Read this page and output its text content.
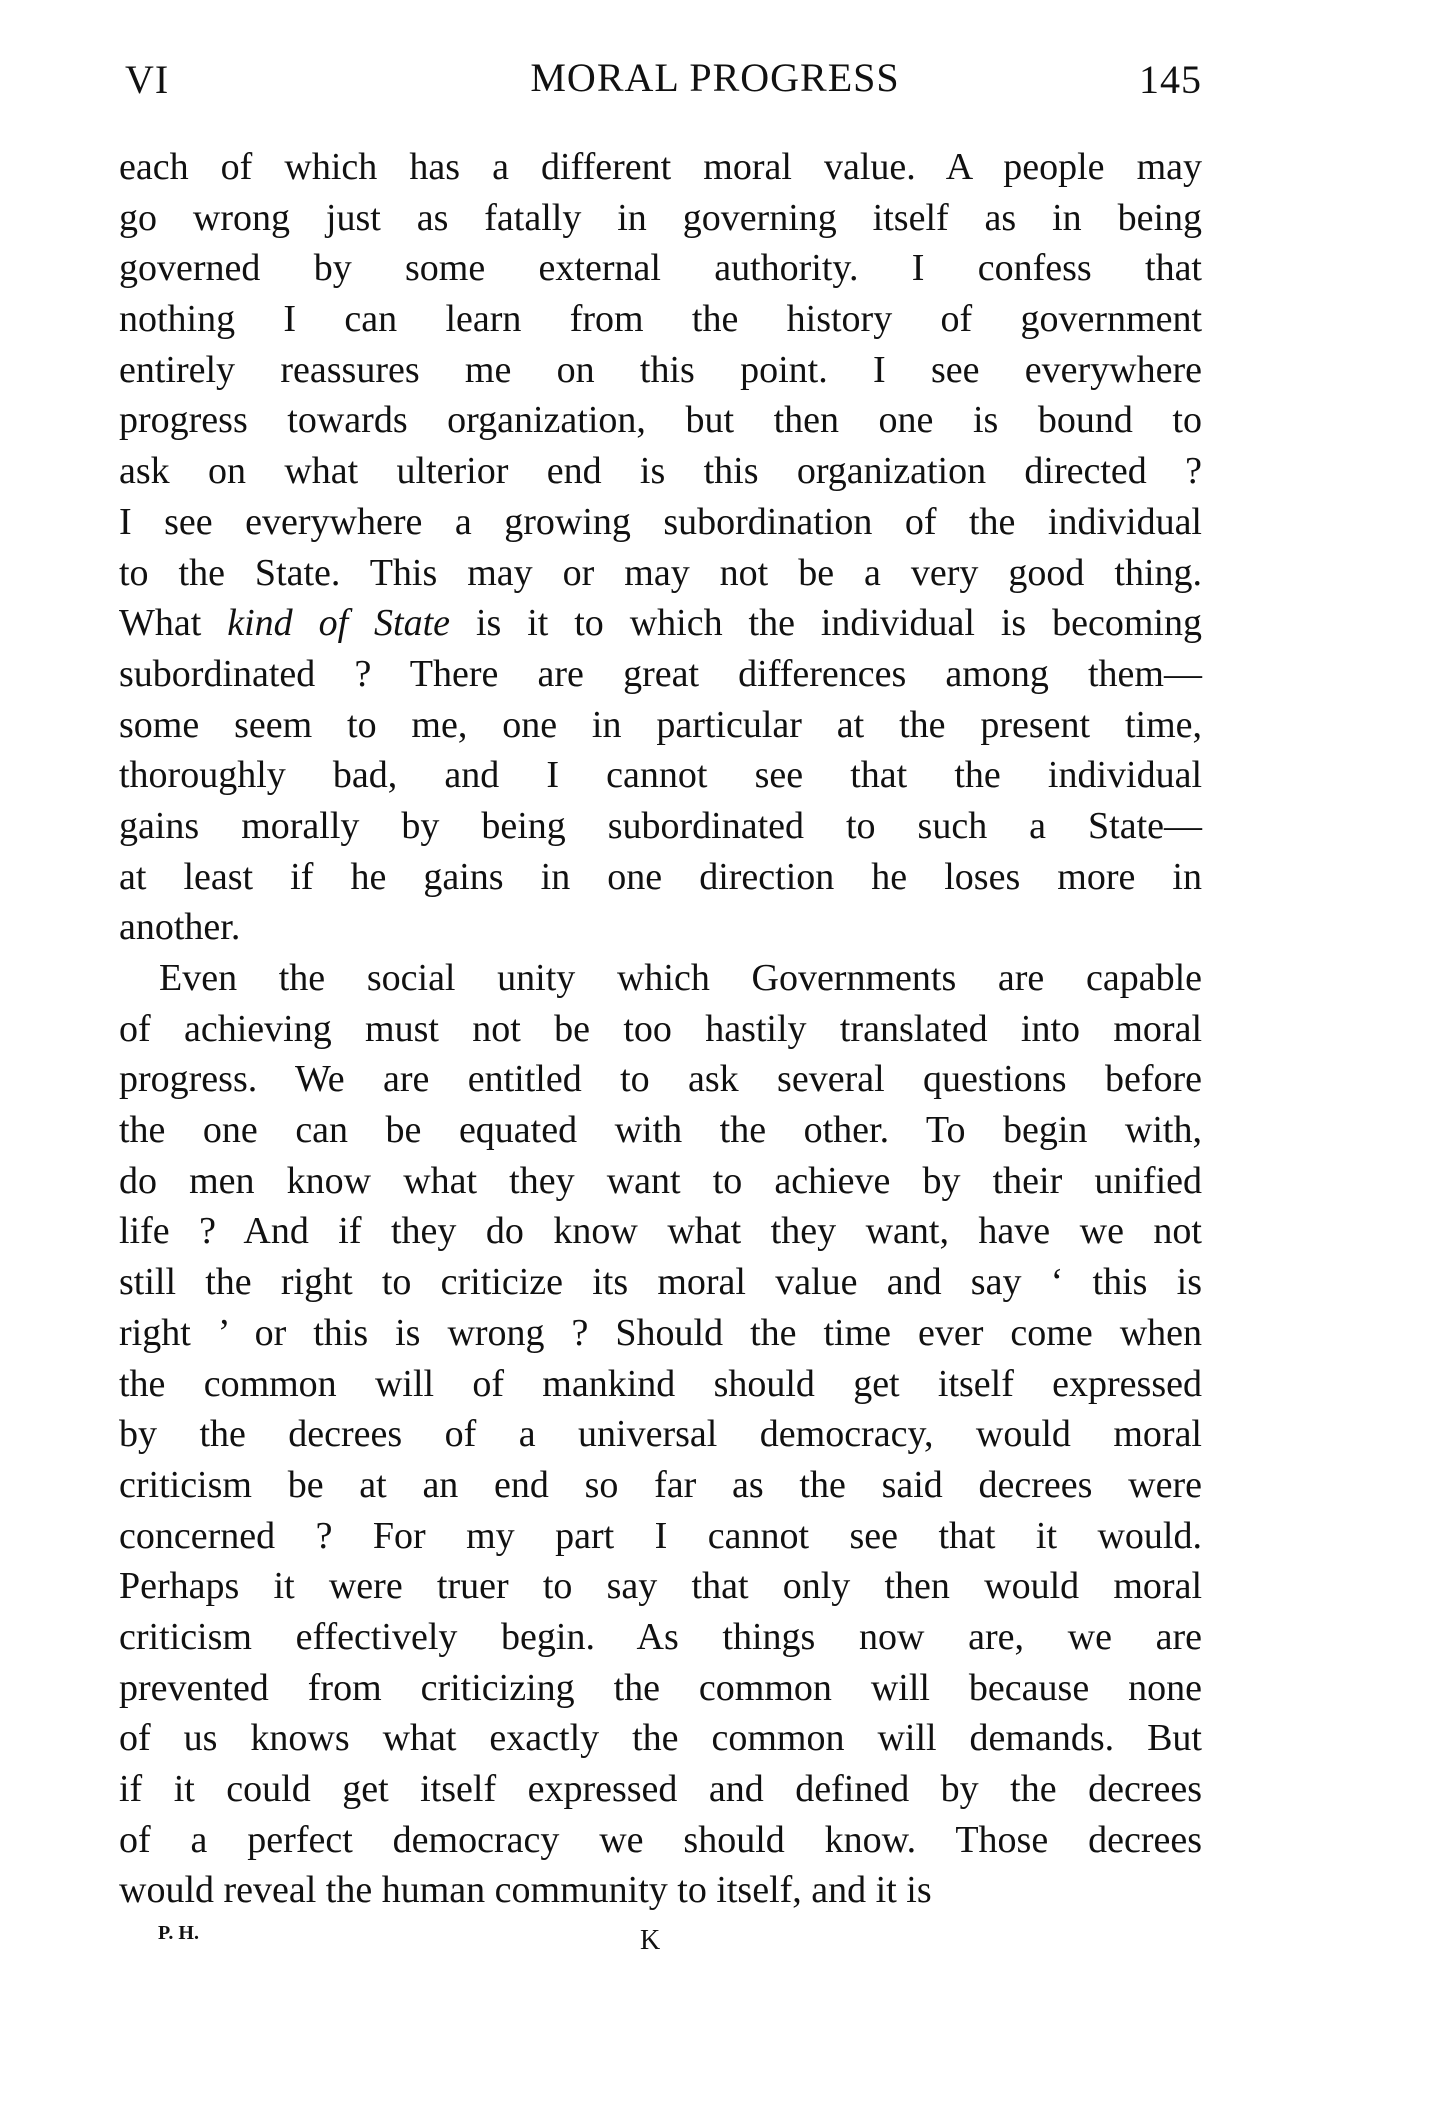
VI	MORAL PROGRESS	145
each of which has a different moral value. A people may
go wrong just as fatally in governing itself as in being
governed by some external authority. I confess that
nothing I can learn from the history of government
entirely reassures me on this point. I see everywhere
progress towards organization, but then one is bound to
ask on what ulterior end is this organization directed ?
I see everywhere a growing subordination of the individual
to the State. This may or may not be a very good thing.
What kind of State is it to which the individual is becoming
subordinated ? There are great differences among them—
some seem to me, one in particular at the present time,
thoroughly bad, and I cannot see that the individual
gains morally by being subordinated to such a State—
at least if he gains in one direction he loses more in
another.
Even the social unity which Governments are capable
of achieving must not be too hastily translated into moral
progress. We are entitled to ask several questions before
the one can be equated with the other. To begin with,
do men know what they want to achieve by their unified
life ? And if they do know what they want, have we not
still the right to criticize its moral value and say ‘ this is
right ’ or this is wrong ? Should the time ever come when
the common will of mankind should get itself expressed
by the decrees of a universal democracy, would moral
criticism be at an end so far as the said decrees were
concerned ? For my part I cannot see that it would.
Perhaps it were truer to say that only then would moral
criticism effectively begin. As things now are, we are
prevented from criticizing the common will because none
of us knows what exactly the common will demands. But
if it could get itself expressed and defined by the decrees
of a perfect democracy we should know. Those decrees
would reveal the human community to itself, and it is
P. H.	K
